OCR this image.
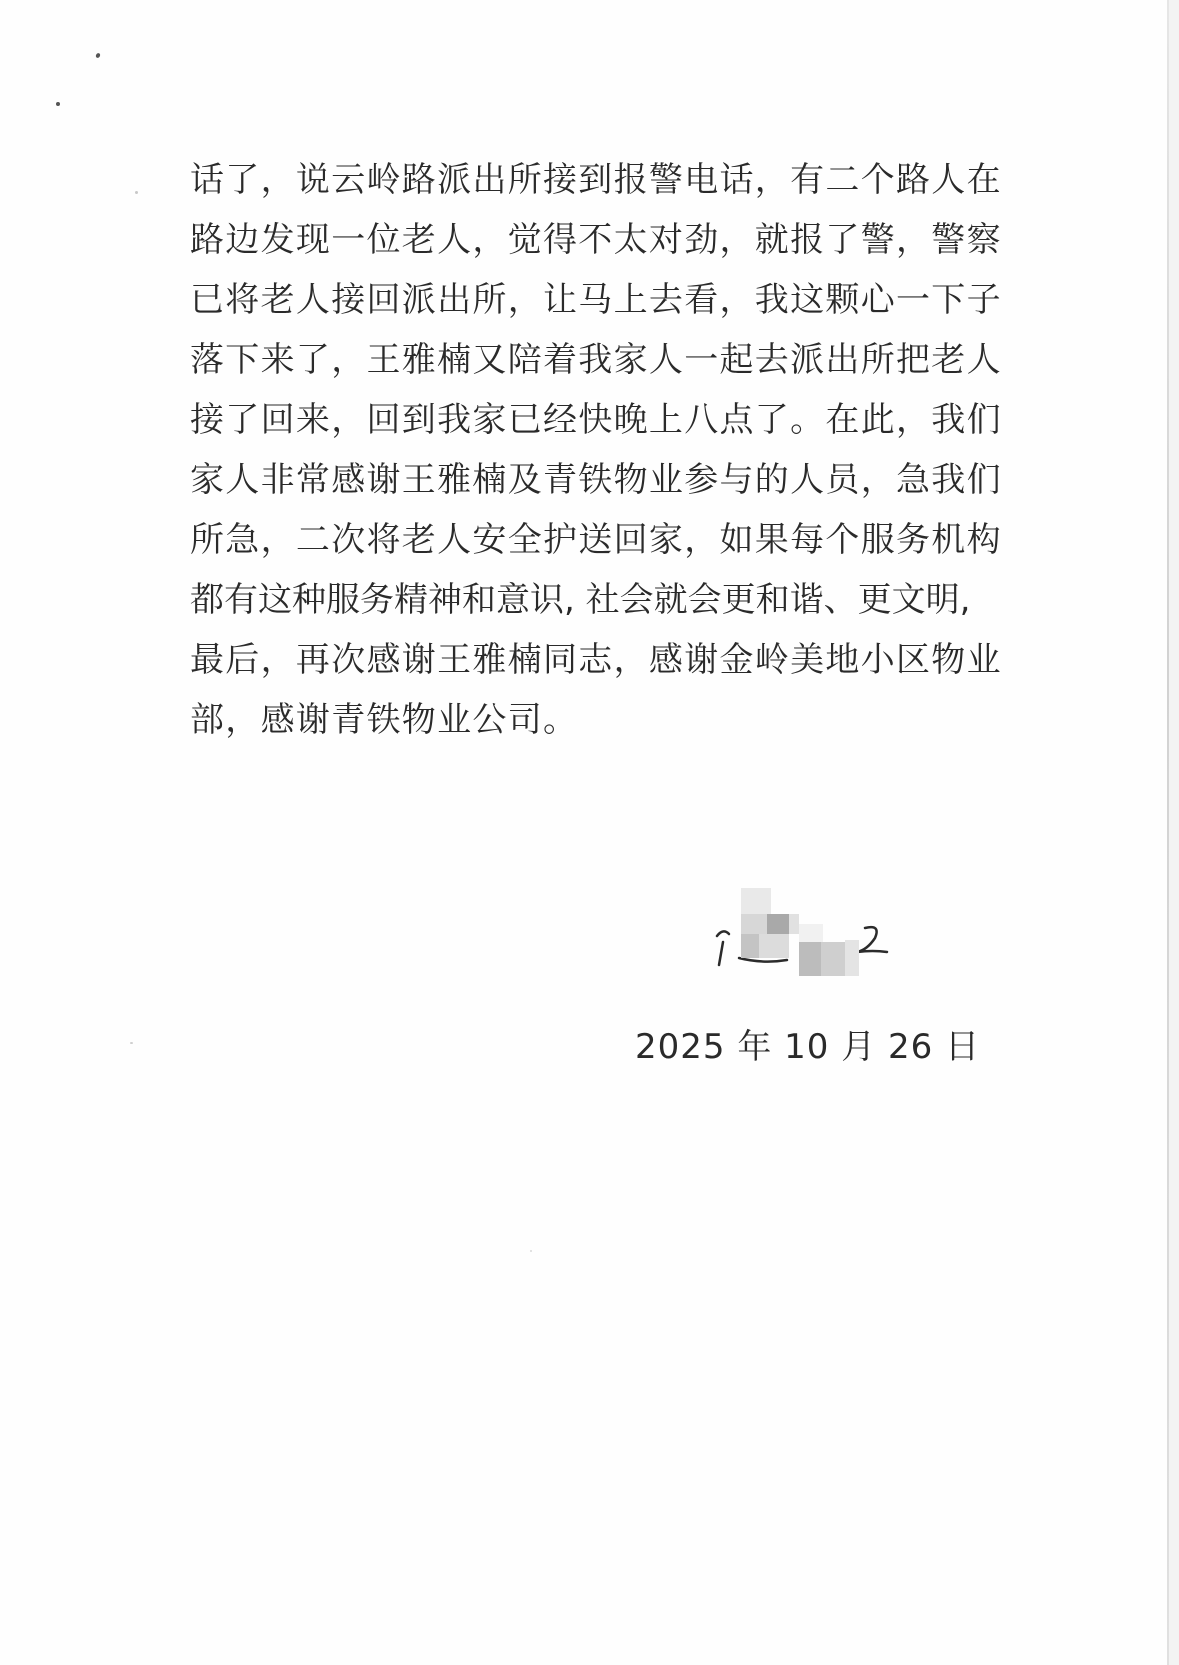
话了，说云岭路派出所接到报警电话，有二个路人在
路边发现一位老人，觉得不太对劲，就报了警，警察
已将老人接回派出所，让马上去看，我这颗心一下子
落下来了，王雅楠又陪着我家人一起去派出所把老人
接了回来，回到我家已经快晚上八点了。在此，我们
家人非常感谢王雅楠及青铁物业参与的人员，急我们
所急，二次将老人安全护送回家，如果每个服务机构
都有这种服务精神和意识, 社会就会更和谐、更文明,
最后，再次感谢王雅楠同志，感谢金岭美地小区物业
部，感谢青铁物业公司。
2025 年 10 月 26 日
